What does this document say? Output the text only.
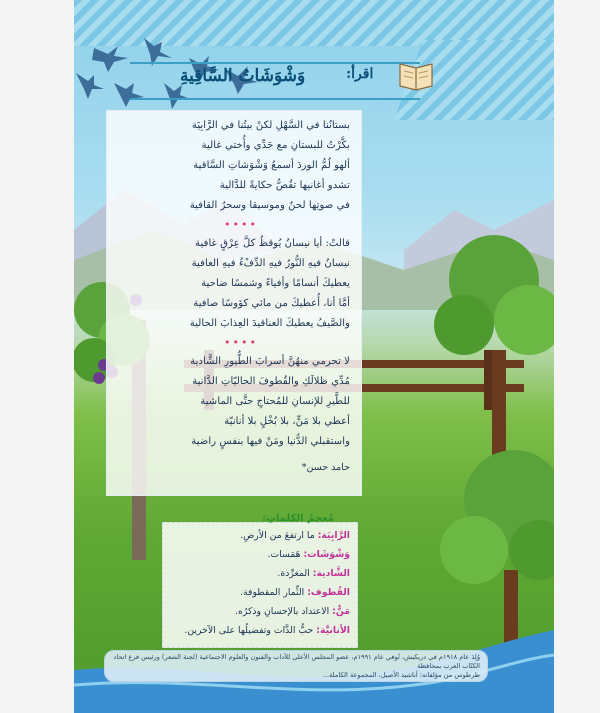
وَشْوَشَاتُ السَّاقِيةِ	اقرأ:
بستانُنا في السَّهْلِ لكنْ بيتُنا في الرَّابِيَة
بكَّرْتُ للبستانِ مع جَدِّي وأُختي غالية
ألهو لُمُّ الوردَ أسمعُ وَشْوَشاتِ السَّاقية
تشدو أغانيها تقُصُّ حكايةً للدَّالية
في صوتِها لحنٌ وموسيقا وسحرُ القافية
••••
قالتْ: أيا نيسانُ يُوقظُ كلَّ عِرْقٍ غافية
نيسانُ فيهِ النُّورُ فيهِ الدِّفْءُ فيهِ العافية
يعطيكَ أنسامًا وأفياءً وشمسًا ضاحية
أمَّا أنا، أُعطيكَ من مائي كؤوسًا صافية
والصَّيفُ يعطيكَ العناقيدَ العِذابَ الحالية
••••
لا تحرمي منهُنَّ أسرابَ الطُّيورِ الشَّادية
مُدِّي ظلالَكِ والقُطوفَ الحاليّاتِ الدَّانية
للطَّيرِ للإنسانِ للمُحتاجِ حتَّى الماشية
أعطي بلا مَنٍّ، بلا بُخْلٍ بلا أنانيّة
واستقبلي الدُّنيا ومَنْ فيها بنفسٍ راضية
حامد حسن*
مُعجمُ الكلماتِ:
الرَّابِيَة: ما ارتفعَ من الأرضِ.
وَشْوَشَات: هَمَسات.
الشَّادية: المغرِّدة.
القُطوف: الثِّمار المقطوفة.
مَنٌّ: الاعتداد بالإحسانِ وذكرُه.
الأنانيَّة: حبُّ الذَّات وتفضيلُها على الآخرين.
وُلِدَ عام ١٩١٨م في دريكيش، تُوفي عام ١٩٩١م، عضو المجلس الأعلى للآداب والفنون والعلوم الاجتماعية (لجنة الشعر) ورئيس فرع اتحاد الكتّاب العرب بمحافظة
طرطوس من مؤلفاته: أناشيد الأصيل، المجموعة الكاملة...
